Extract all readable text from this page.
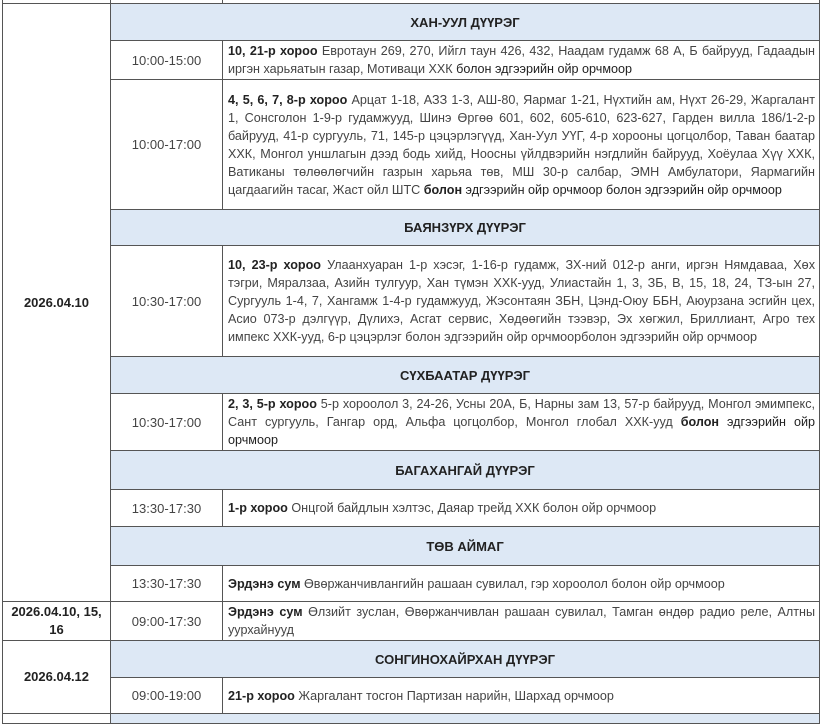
2026.04.10	ХАН-УУЛ ДҮҮРЭГ	
	10:00-15:00	10, 21-р хороо Евротаун 269, 270, Ийгл таун 426, 432, Наадам гудамж 68 А, Б байрууд, Гадаадын иргэн харьяатын газар, Мотиваци ХХК болон эдгээрийн ойр орчмоор
	10:00-17:00	4, 5, 6, 7, 8-р хороо Арцат 1-18, АЗЗ 1-3, АШ-80, Яармаг 1-21, Нүхтийн ам, Нүхт 26-29, Жаргалант 1, Сонсголон 1-9-р гудамжууд, Шинэ Өргөө 601, 602, 605-610, 623-627, Гарден вилла 186/1-2-р байрууд, 41-р сургууль, 71, 145-р цэцэрлэгүүд, Хан-Уул УҮГ, 4-р хорооны цогцолбор, Таван баатар ХХК, Монгол уншлагын дээд бодь хийд, Ноосны үйлдвэрийн нэгдлийн байрууд, Хоёулаа Хүү ХХК, Ватиканы төлөөлөгчийн газрын харьяа төв, МШ 30-р салбар, ЭМН Амбулатори, Яармагийн цагдаагийн тасаг, Жаст ойл ШТС болон эдгээрийн ойр орчмоор болон эдгээрийн ойр орчмоор
	БАЯНЗҮРХ ДҮҮРЭГ	
	10:30-17:00	10, 23-р хороо Улаанхуаран 1-р хэсэг, 1-16-р гудамж, ЗХ-ний 012-р анги, иргэн Нямдаваа, Хөх тэгри, Мяралзаа, Азийн тулгуур, Хан түмэн ХХК-ууд, Улиастайн 1, 3, ЗБ, В, 15, 18, 24, ТЗ-ын 27, Сургууль 1-4, 7, Хангамж 1-4-р гудамжууд, Жэсонтаян ЗБН, Цэнд-Оюу ББН, Аюурзана эсгийн цех, Асио 073-р дэлгүүр, Дүлихэ, Асгат сервис, Хөдөөгийн тээвэр, Эх хөгжил, Бриллиант, Агро тех импекс ХХК-ууд, 6-р цэцэрлэг болон эдгээрийн ойр орчмоорболон эдгээрийн ойр орчмоор
	СҮХБААТАР ДҮҮРЭГ	
	10:30-17:00	2, 3, 5-р хороо 5-р хороолол 3, 24-26, Усны 20А, Б, Нарны зам 13, 57-р байрууд, Монгол эмимпекс, Сант сургууль, Гангар орд, Альфа цогцолбор, Монгол глобал ХХК-ууд болон эдгээрийн ойр орчмоор
	БАГАХАНГАЙ ДҮҮРЭГ	
	13:30-17:30	1-р хороо Онцгой байдлын хэлтэс, Даяар трейд ХХК болон ойр орчмоор
	ТӨВ АЙМАГ	
	13:30-17:30	Эрдэнэ сум Өвөржанчивлангийн рашаан сувилал, гэр хороолол болон ойр орчмоор

2026.04.10, 15, 16	09:00-17:30	Эрдэнэ сум Өлзийт зуслан, Өвөржанчивлан рашаан сувилал, Тамган өндөр радио реле, Алтны уурхайнууд
2026.04.12	СОНГИНОХАЙРХАН ДҮҮРЭГ	
	09:00-19:00	21-р хороо Жаргалант тосгон Партизан нарийн, Шархад орчмоор
